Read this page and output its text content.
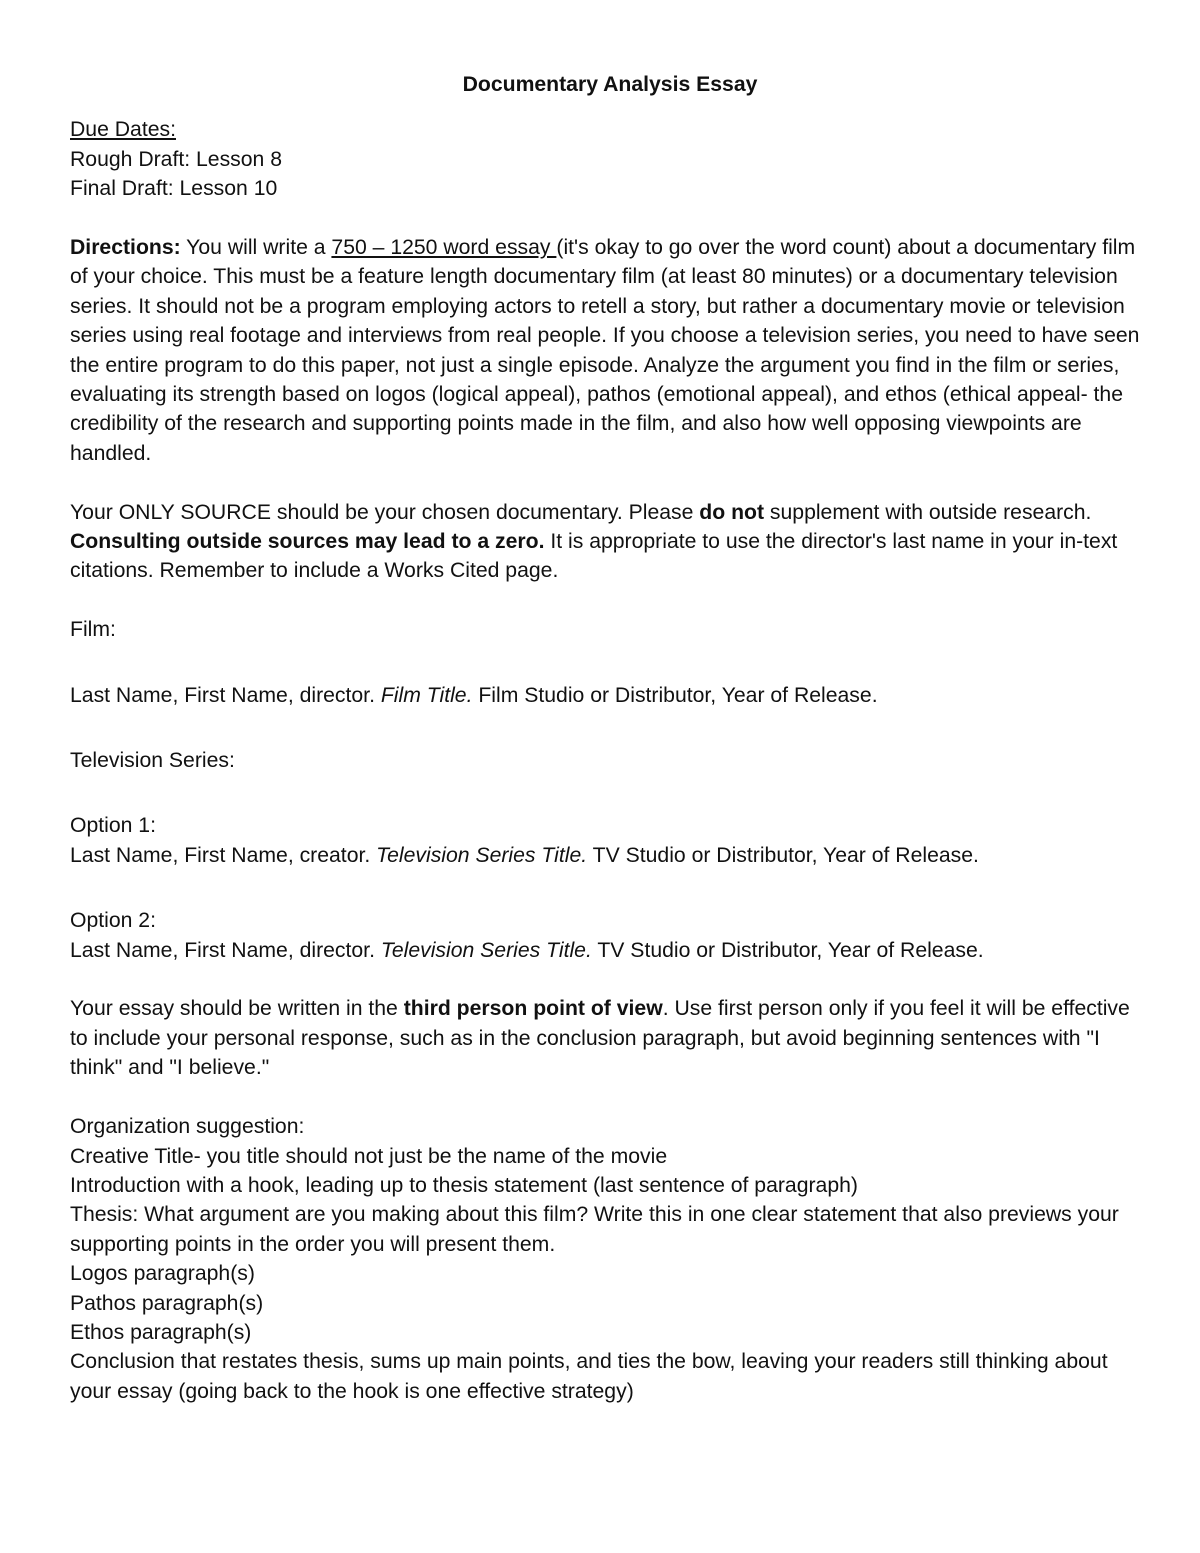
Documentary Analysis Essay

Due Dates:

Rough Draft: Lesson 8

Final Draft: Lesson 10

Directions: You will write a 750 – 1250 word essay (it's okay to go over the word count) about a documentary film of your choice. This must be a feature length documentary film (at least 80 minutes) or a documentary television series. It should not be a program employing actors to retell a story, but rather a documentary movie or television series using real footage and interviews from real people. If you choose a television series, you need to have seen the entire program to do this paper, not just a single episode. Analyze the argument you find in the film or series, evaluating its strength based on logos (logical appeal), pathos (emotional appeal), and ethos (ethical appeal- the credibility of the research and supporting points made in the film, and also how well opposing viewpoints are handled.

Your ONLY SOURCE should be your chosen documentary. Please do not supplement with outside research. Consulting outside sources may lead to a zero. It is appropriate to use the director's last name in your in-text citations. Remember to include a Works Cited page.

Film:

Last Name, First Name, director. Film Title. Film Studio or Distributor, Year of Release.

Television Series:

Option 1:

Last Name, First Name, creator. Television Series Title. TV Studio or Distributor, Year of Release.

Option 2:

Last Name, First Name, director. Television Series Title. TV Studio or Distributor, Year of Release.

Your essay should be written in the third person point of view. Use first person only if you feel it will be effective to include your personal response, such as in the conclusion paragraph, but avoid beginning sentences with "I think" and "I believe."

Organization suggestion:

Creative Title- you title should not just be the name of the movie

Introduction with a hook, leading up to thesis statement (last sentence of paragraph)

Thesis: What argument are you making about this film? Write this in one clear statement that also previews your supporting points in the order you will present them.

Logos paragraph(s)

Pathos paragraph(s)

Ethos paragraph(s)

Conclusion that restates thesis, sums up main points, and ties the bow, leaving your readers still thinking about your essay (going back to the hook is one effective strategy)
